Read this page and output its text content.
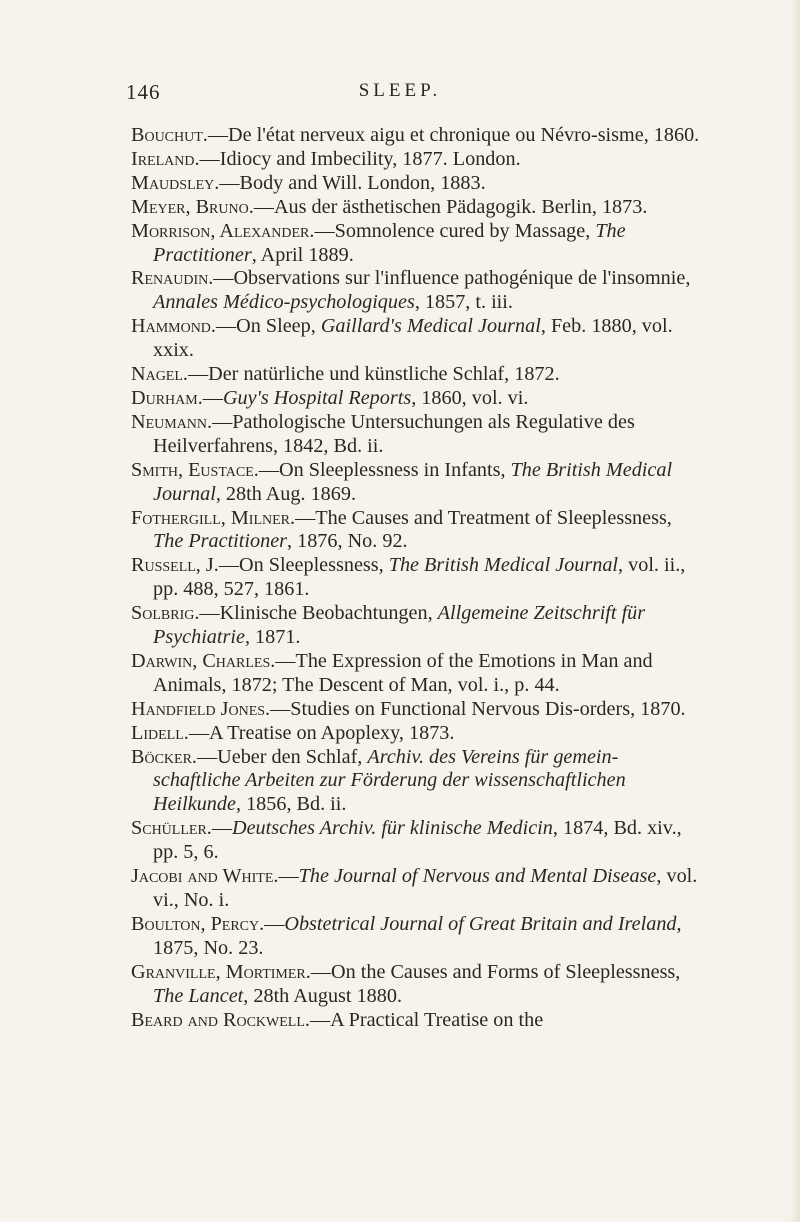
146	SLEEP.

Bouchut.—De l'état nerveux aigu et chronique ou Névro-sisme, 1860.

Ireland.—Idiocy and Imbecility, 1877. London.

Maudsley.—Body and Will. London, 1883.

Meyer, Bruno.—Aus der ästhetischen Pädagogik. Berlin, 1873.

Morrison, Alexander.—Somnolence cured by Massage, The Practitioner, April 1889.

Renaudin.—Observations sur l'influence pathogénique de l'insomnie, Annales Médico-psychologiques, 1857, t. iii.

Hammond.—On Sleep, Gaillard's Medical Journal, Feb. 1880, vol. xxix.

Nagel.—Der natürliche und künstliche Schlaf, 1872.

Durham.—Guy's Hospital Reports, 1860, vol. vi.

Neumann.—Pathologische Untersuchungen als Regulative des Heilverfahrens, 1842, Bd. ii.

Smith, Eustace.—On Sleeplessness in Infants, The British Medical Journal, 28th Aug. 1869.

Fothergill, Milner.—The Causes and Treatment of Sleeplessness, The Practitioner, 1876, No. 92.

Russell, J.—On Sleeplessness, The British Medical Journal, vol. ii., pp. 488, 527, 1861.

Solbrig.—Klinische Beobachtungen, Allgemeine Zeitschrift für Psychiatrie, 1871.

Darwin, Charles.—The Expression of the Emotions in Man and Animals, 1872; The Descent of Man, vol. i., p. 44.

Handfield Jones.—Studies on Functional Nervous Dis-orders, 1870.

Lidell.—A Treatise on Apoplexy, 1873.

Böcker.—Ueber den Schlaf, Archiv. des Vereins für gemein-schaftliche Arbeiten zur Förderung der wissenschaftlichen Heilkunde, 1856, Bd. ii.

Schüller.—Deutsches Archiv. für klinische Medicin, 1874, Bd. xiv., pp. 5, 6.

Jacobi and White.—The Journal of Nervous and Mental Disease, vol. vi., No. i.

Boulton, Percy.—Obstetrical Journal of Great Britain and Ireland, 1875, No. 23.

Granville, Mortimer.—On the Causes and Forms of Sleeplessness, The Lancet, 28th August 1880.

Beard and Rockwell.—A Practical Treatise on the
